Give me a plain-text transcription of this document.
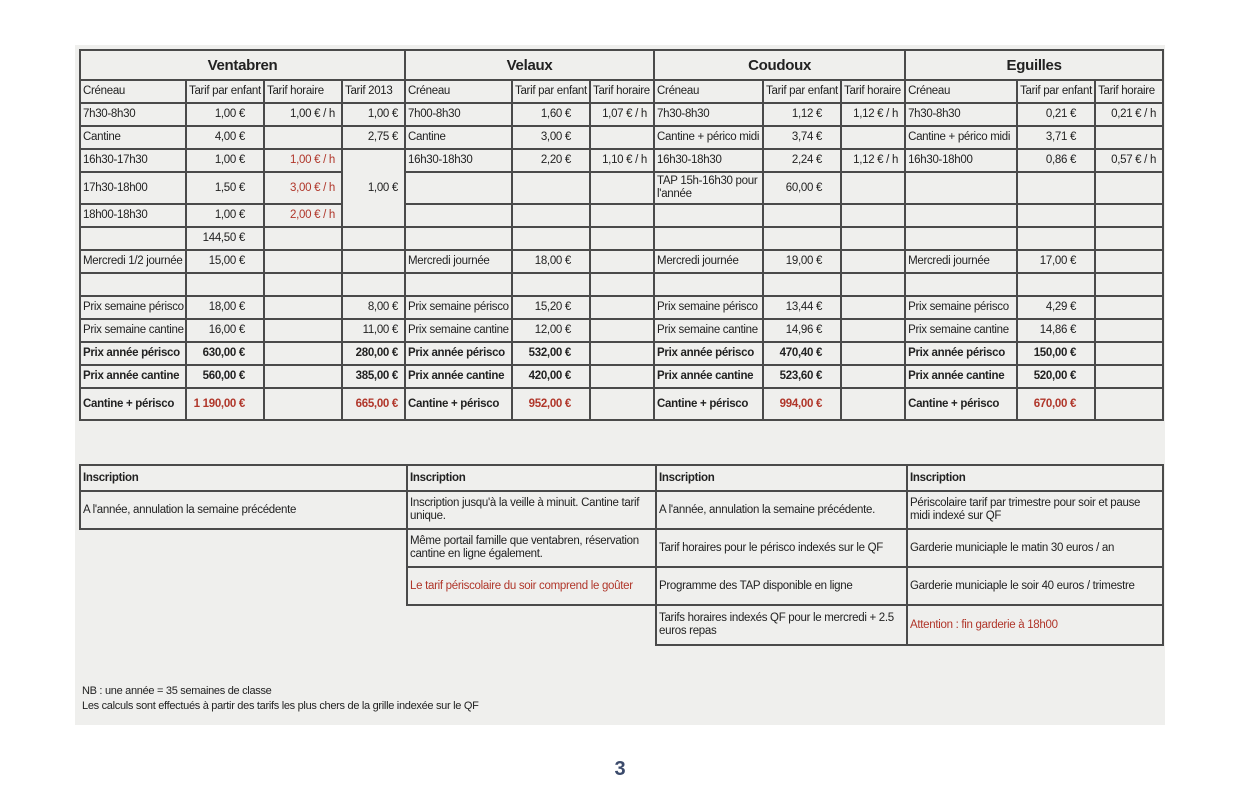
Ventabren				Velaux			Coudoux			Eguilles		
Créneau	Tarif par enfant	Tarif horaire	Tarif 2013	Créneau	Tarif par enfant	Tarif horaire	Créneau	Tarif par enfant	Tarif horaire	Créneau	Tarif par enfant	Tarif horaire
7h30-8h30	1,00 €	1,00 € / h	1,00 €	7h00-8h30	1,60 €	1,07 € / h	7h30-8h30	1,12 €	1,12 € / h	7h30-8h30	0,21 €	0,21 € / h
Cantine	4,00 €		2,75 €	Cantine	3,00 €		Cantine + périco midi	3,74 €		Cantine + périco midi	3,71 €	
16h30-17h30	1,00 €	1,00 € / h	1,00 €	16h30-18h30	2,20 €	1,10 € / h	16h30-18h30	2,24 €	1,12 € / h	16h30-18h00	0,86 €	0,57 € / h
17h30-18h00	1,50 €	3,00 € / h					TAP 15h-16h30 pour l'année	60,00 €				
18h00-18h30	1,00 €	2,00 € / h										
	144,50 €											
Mercredi 1/2 journée	15,00 €			Mercredi journée	18,00 €		Mercredi journée	19,00 €		Mercredi journée	17,00 €	

Prix semaine périsco	18,00 €		8,00 €	Prix semaine périsco	15,20 €		Prix semaine périsco	13,44 €		Prix semaine périsco	4,29 €	
Prix semaine cantine	16,00 €		11,00 €	Prix semaine cantine	12,00 €		Prix semaine cantine	14,96 €		Prix semaine cantine	14,86 €	
Prix année périsco	630,00 €		280,00 €	Prix année périsco	532,00 €		Prix année périsco	470,40 €		Prix année périsco	150,00 €	
Prix année cantine	560,00 €		385,00 €	Prix année cantine	420,00 €		Prix année cantine	523,60 €		Prix année cantine	520,00 €	
Cantine + périsco	1 190,00 €		665,00 €	Cantine + périsco	952,00 €		Cantine + périsco	994,00 €		Cantine + périsco	670,00 €	
Inscription	Inscription	Inscription	Inscription
A l'année, annulation la semaine précédente	Inscription jusqu'à la veille à minuit. Cantine tarif unique.	A l'année, annulation la semaine précédente.	Périscolaire tarif par trimestre pour soir et pause midi indexé sur QF
	Même portail famille que ventabren, réservation cantine en ligne également.	Tarif horaires pour le périsco indexés sur le QF	Garderie municiaple le matin 30 euros / an
	Le tarif périscolaire du soir comprend le goûter	Programme des TAP disponible en ligne	Garderie municiaple le soir 40 euros / trimestre
		Tarifs horaires indexés QF pour le mercredi + 2.5 euros repas	Attention : fin garderie à 18h00
NB : une année = 35 semaines de classe
Les calculs sont effectués à partir des tarifs les plus chers de la grille indexée sur le QF
3
